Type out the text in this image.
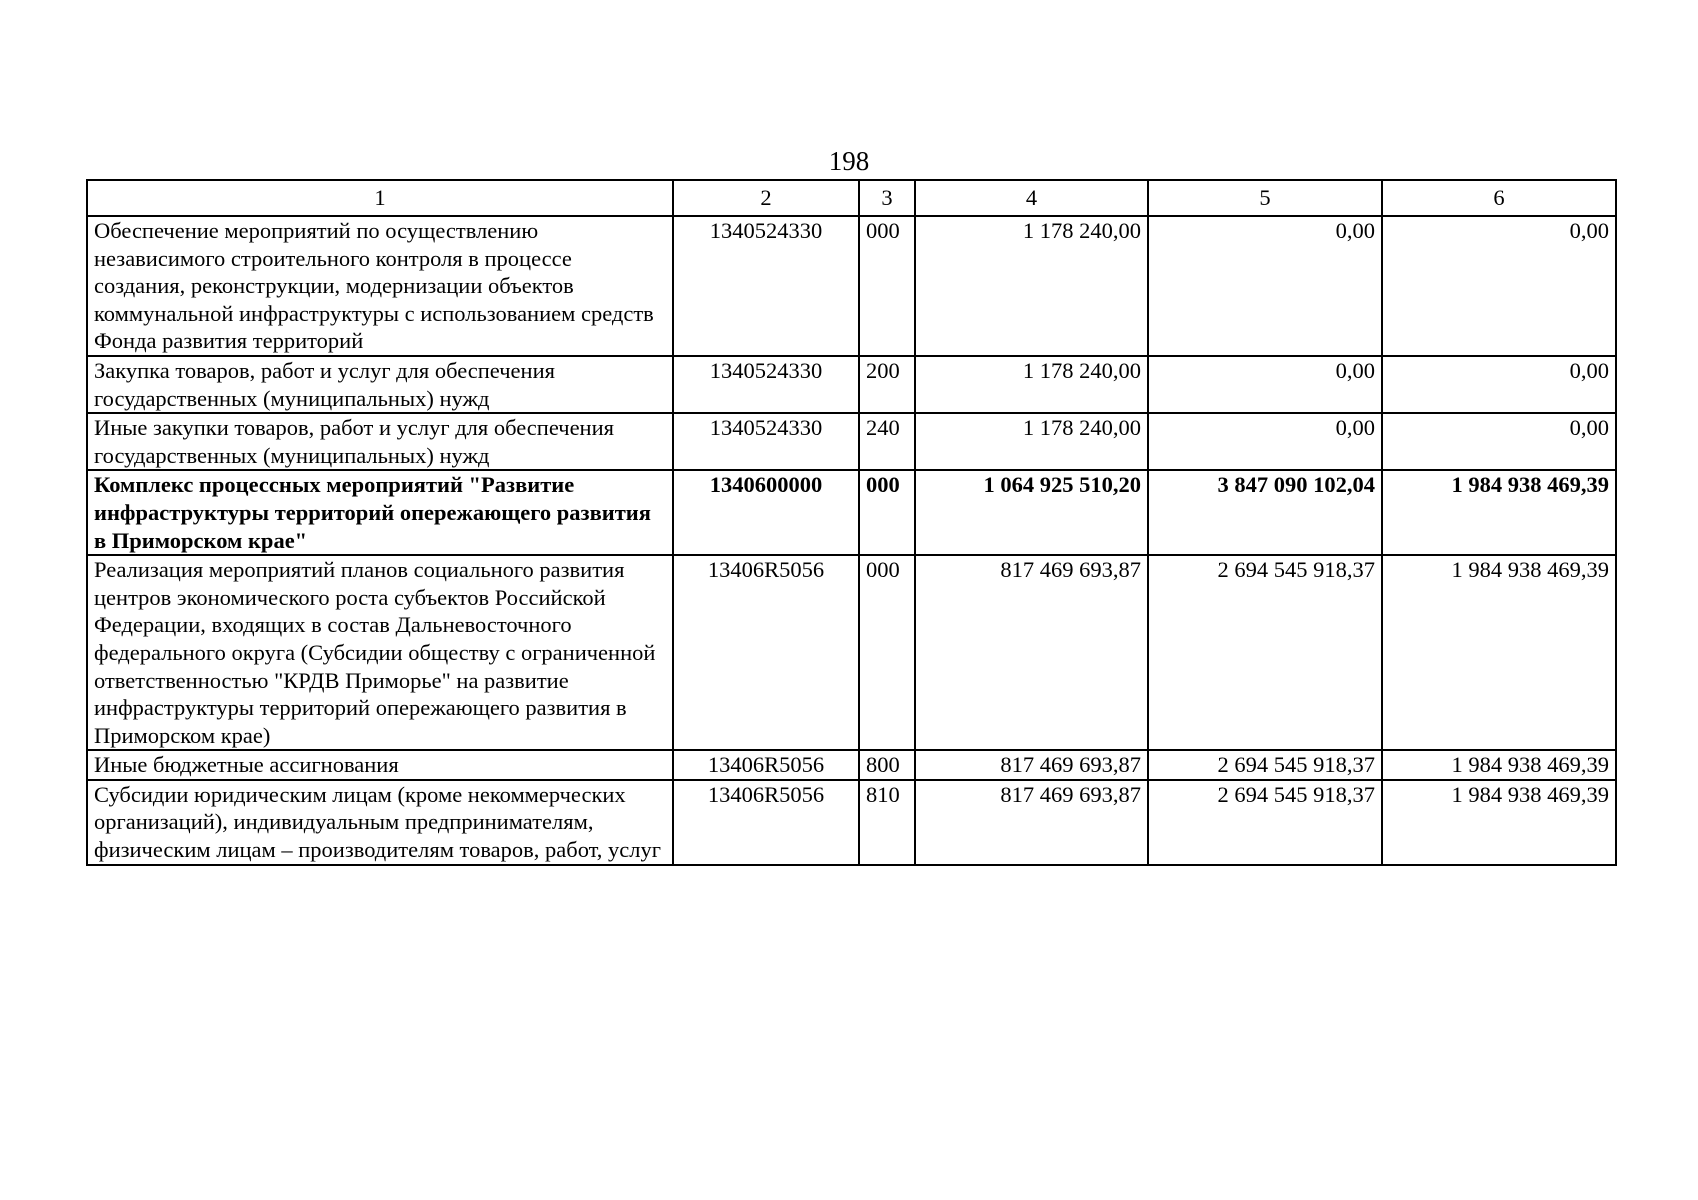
198
1	2	3	4	5	6
Обеспечение мероприятий по осуществлению независимого строительного контроля в процессе создания, реконструкции, модернизации объектов коммунальной инфраструктуры с использованием средств Фонда развития территорий	1340524330	000	1 178 240,00	0,00	0,00
Закупка товаров, работ и услуг для обеспечения государственных (муниципальных) нужд	1340524330	200	1 178 240,00	0,00	0,00
Иные закупки товаров, работ и услуг для обеспечения государственных (муниципальных) нужд	1340524330	240	1 178 240,00	0,00	0,00
Комплекс процессных мероприятий "Развитие инфраструктуры территорий опережающего развития в Приморском крае"	1340600000	000	1 064 925 510,20	3 847 090 102,04	1 984 938 469,39
Реализация мероприятий планов социального развития центров экономического роста субъектов Российской Федерации, входящих в состав Дальневосточного федерального округа (Субсидии обществу с ограниченной ответственностью "КРДВ Приморье" на развитие инфраструктуры территорий опережающего развития в Приморском крае)	13406R5056	000	817 469 693,87	2 694 545 918,37	1 984 938 469,39
Иные бюджетные ассигнования	13406R5056	800	817 469 693,87	2 694 545 918,37	1 984 938 469,39
Субсидии юридическим лицам (кроме некоммерческих организаций), индивидуальным предпринимателям, физическим лицам – производителям товаров, работ, услуг	13406R5056	810	817 469 693,87	2 694 545 918,37	1 984 938 469,39
